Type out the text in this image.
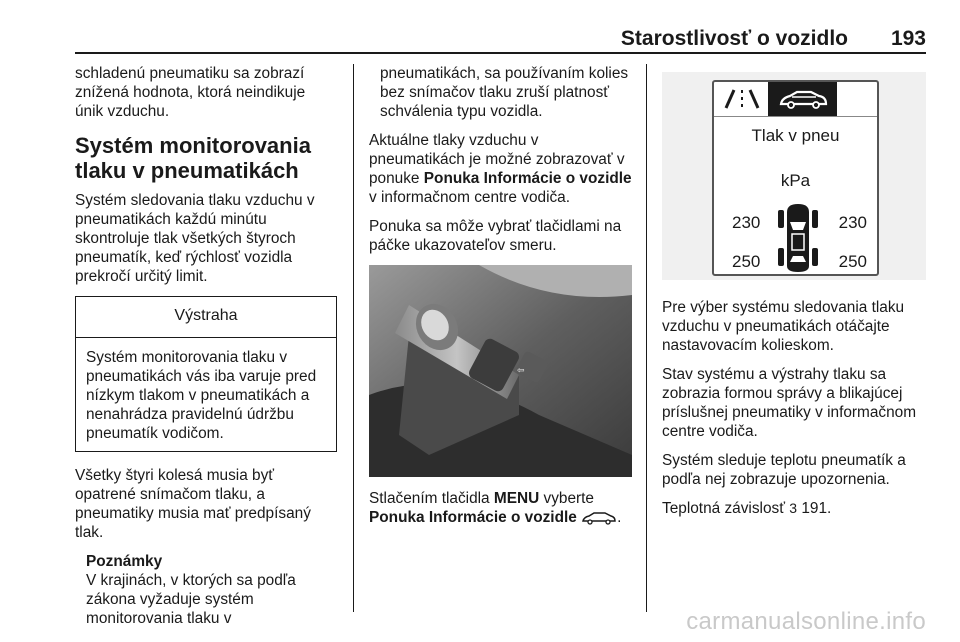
Starostlivosť o vozidlo 193

schladenú pneumatiku sa zobrazí znížená hodnota, ktorá neindikuje únik vzduchu.

Systém monitorovania tlaku v pneumatikách

Systém sledovania tlaku vzduchu v pneumatikách každú minútu skontroluje tlak všetkých štyroch pneumatík, keď rýchlosť vozidla prekročí určitý limit.

Výstraha
Systém monitorovania tlaku v pneumatikách vás iba varuje pred nízkym tlakom v pneumatikách a nenahrádza pravidelnú údržbu pneumatík vodičom.

Všetky štyri kolesá musia byť opatrené snímačom tlaku, a pneumatiky musia mať predpísaný tlak.

Poznámky
V krajinách, v ktorých sa podľa zákona vyžaduje systém monitorovania tlaku v

pneumatikách, sa používaním kolies bez snímačov tlaku zruší platnosť schválenia typu vozidla.

Aktuálne tlaky vzduchu v pneumatikách je možné zobrazovať v ponuke Ponuka Informácie o vozidle v informačnom centre vodiča.

Ponuka sa môže vybrať tlačidlami na páčke ukazovateľov smeru.

⇦

Stlačením tlačidla MENU vyberte Ponuka Informácie o vozidle	.

Tlak v pneu
kPa
230	230
250	250

Pre výber systému sledovania tlaku vzduchu v pneumatikách otáčajte nastavovacím kolieskom.

Stav systému a výstrahy tlaku sa zobrazia formou správy a blikajúcej príslušnej pneumatiky v informačnom centre vodiča.

Systém sleduje teplotu pneumatík a podľa nej zobrazuje upozornenia.

Teplotná závislosť 3 191.

carmanualsonline.info
